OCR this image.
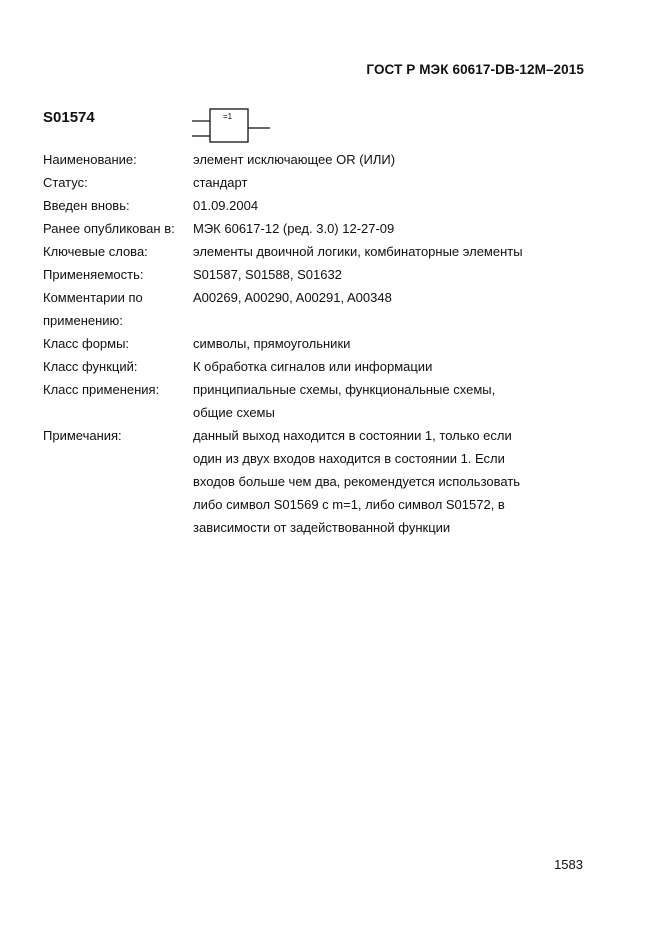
ГОСТ Р МЭК 60617-DB-12M–2015
S01574	=1
Наименование:	элемент исключающее OR (ИЛИ)
Статус:	стандарт
Введен вновь:	01.09.2004
Ранее опубликован в:	МЭК 60617-12 (ред. 3.0) 12-27-09
Ключевые слова:	элементы двоичной логики, комбинаторные элементы
Применяемость:	S01587, S01588, S01632
Комментарии по
применению:
A00269, A00290, A00291, A00348
Класс формы:	символы, прямоугольники
Класс функций:	К обработка сигналов или информации
Класс применения:	принципиальные схемы, функциональные схемы,
общие схемы
Примечания:	данный выход находится в состоянии 1, только если
один из двух входов находится в состоянии 1. Если
входов больше чем два, рекомендуется использовать
либо символ S01569 с m=1, либо символ S01572, в
зависимости от задействованной функции
1583
